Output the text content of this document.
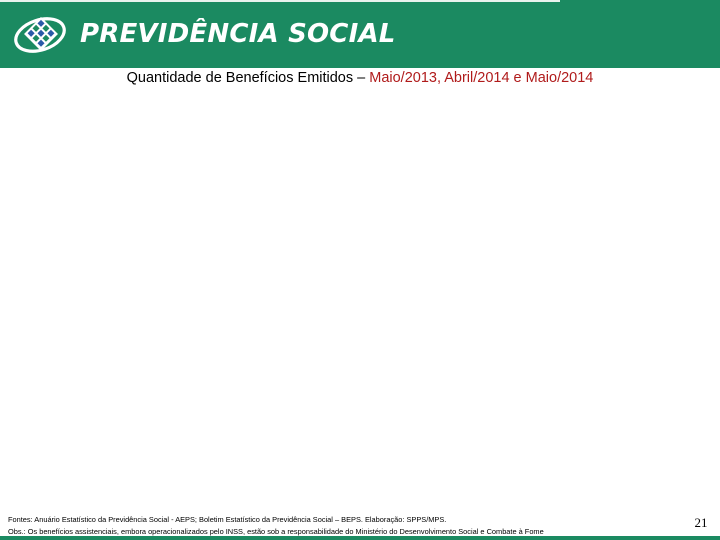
PREVIDÊNCIA SOCIAL
Quantidade de Benefícios Emitidos – Maio/2013, Abril/2014 e Maio/2014
Fontes: Anuário Estatístico da Previdência Social - AEPS; Boletim Estatístico da Previdência Social – BEPS. Elaboração: SPPS/MPS.
Obs.: Os benefícios assistenciais, embora operacionalizados pelo INSS, estão sob a responsabilidade do Ministério do Desenvolvimento Social e Combate à Fome
21
